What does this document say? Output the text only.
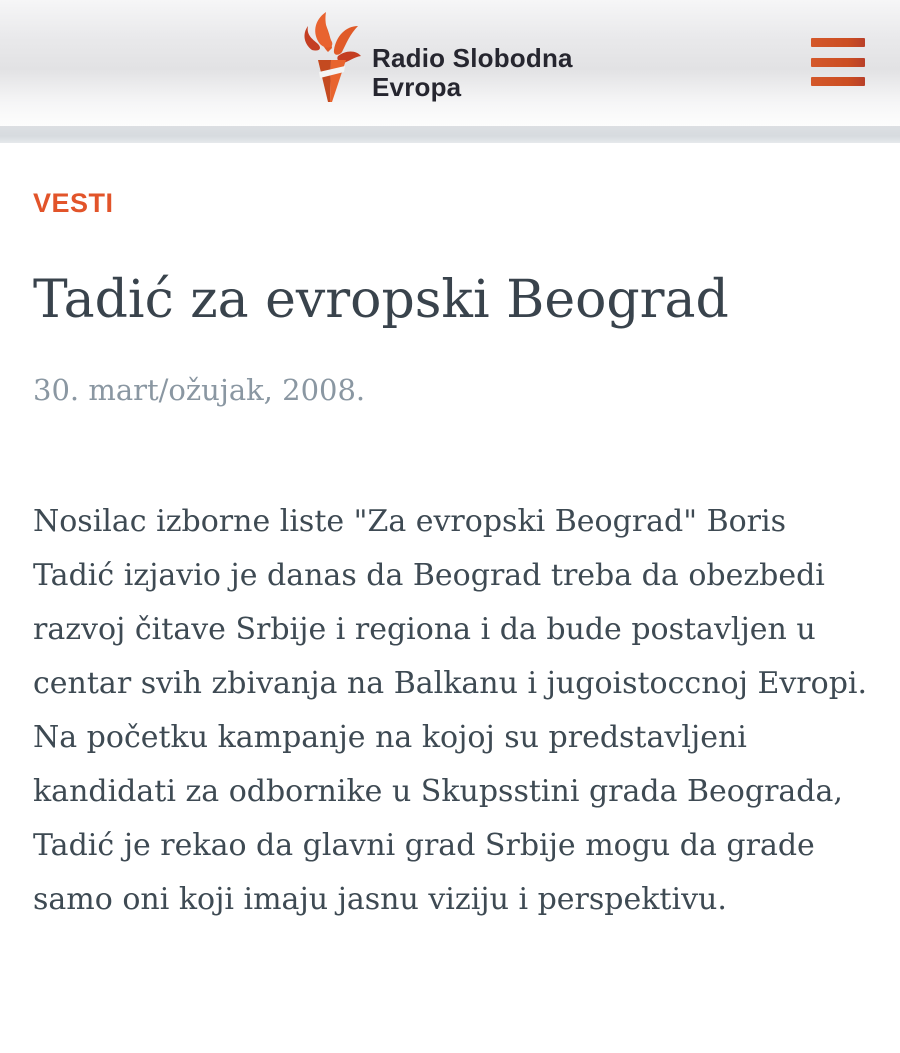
Radio Slobodna
Evropa
VESTI
Tadić za evropski Beograd
30. mart/ožujak, 2008.

Nosilac izborne liste "Za evropski Beograd" Boris Tadić izjavio je danas da Beograd treba da obezbedi razvoj čitave Srbije i regiona i da bude postavljen u centar svih zbivanja na Balkanu i jugoistoccnoj Evropi. Na početku kampanje na kojoj su predstavljeni kandidati za odbornike u Skupsstini grada Beograda, Tadić je rekao da glavni grad Srbije mogu da grade samo oni koji imaju jasnu viziju i perspektivu.
